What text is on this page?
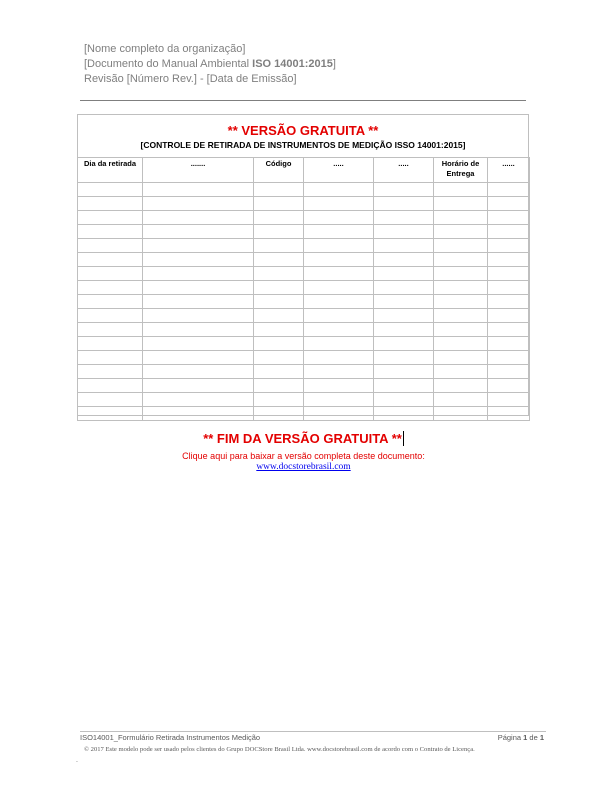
[Nome completo da organização]
[Documento do Manual Ambiental ISO 14001:2015]
Revisão [Número Rev.] - [Data de Emissão]
** VERSÃO GRATUITA **
[CONTROLE DE RETIRADA DE INSTRUMENTOS DE MEDIÇÃO ISSO 14001:2015]
Dia da retirada	.......	Código	.....	.....	Horário de Entrega	......

** FIM DA VERSÃO GRATUITA **
Clique aqui para baixar a versão completa deste documento:
www.docstorebrasil.com
ISO14001_Formulário Retirada Instrumentos Medição	Página 1 de 1
© 2017 Este modelo pode ser usado pelos clientes do Grupo DOCStore Brasil Ltda. www.docstorebrasil.com de acordo com o Contrato de Licença.
.
